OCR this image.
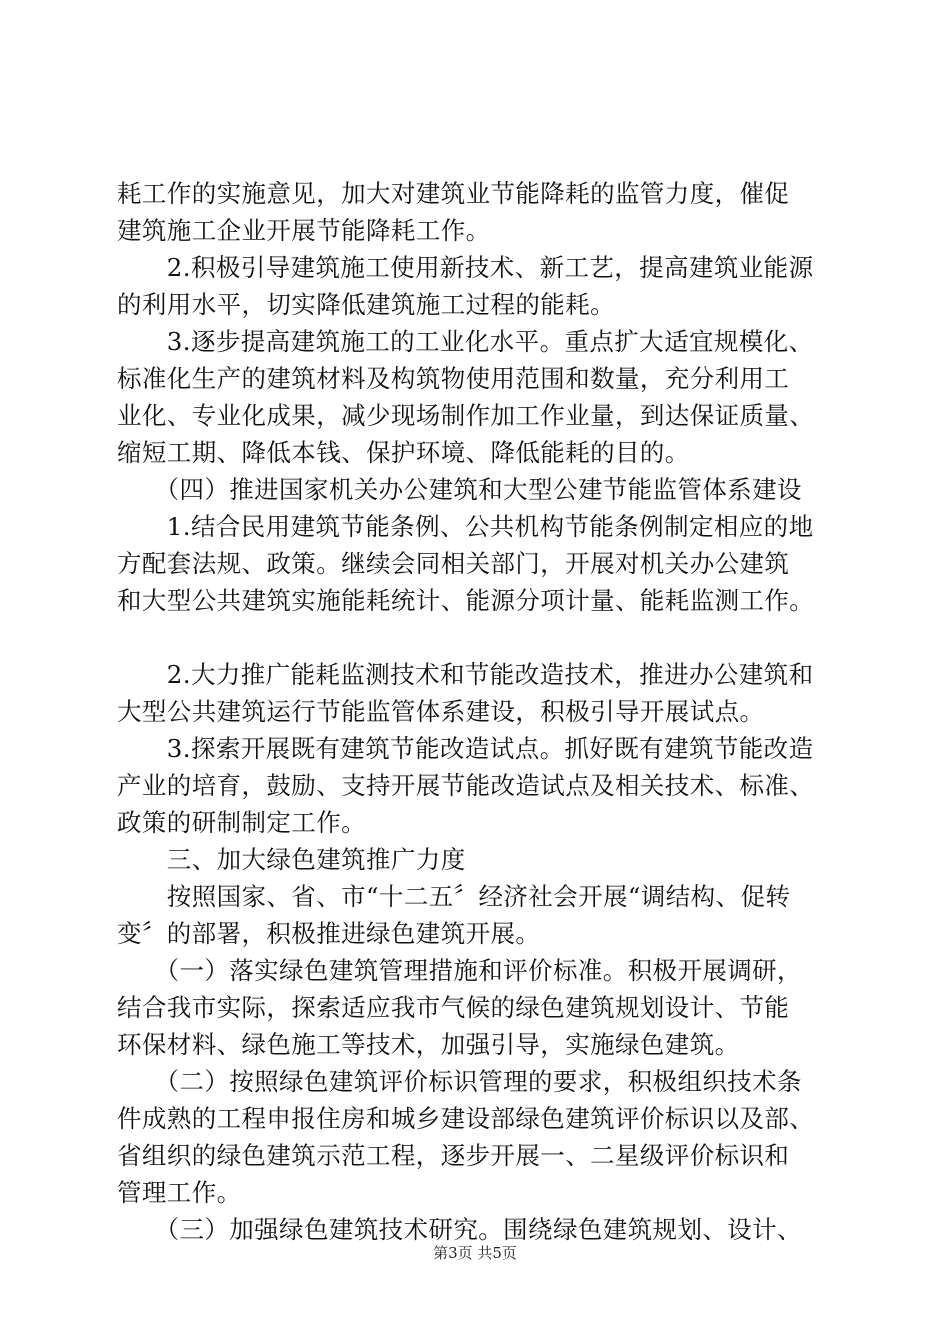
耗工作的实施意见，加大对建筑业节能降耗的监管力度，催促
建筑施工企业开展节能降耗工作。
　　2.积极引导建筑施工使用新技术、新工艺，提高建筑业能源
的利用水平，切实降低建筑施工过程的能耗。
　　3.逐步提高建筑施工的工业化水平。重点扩大适宜规模化、
标准化生产的建筑材料及构筑物使用范围和数量，充分利用工
业化、专业化成果，减少现场制作加工作业量，到达保证质量、
缩短工期、降低本钱、保护环境、降低能耗的目的。
　　（四）推进国家机关办公建筑和大型公建节能监管体系建设
　　1.结合民用建筑节能条例、公共机构节能条例制定相应的地
方配套法规、政策。继续会同相关部门，开展对机关办公建筑
和大型公共建筑实施能耗统计、能源分项计量、能耗监测工作。
　　2.大力推广能耗监测技术和节能改造技术，推进办公建筑和
大型公共建筑运行节能监管体系建设，积极引导开展试点。
　　3.探索开展既有建筑节能改造试点。抓好既有建筑节能改造
产业的培育，鼓励、支持开展节能改造试点及相关技术、标准、
政策的研制制定工作。
　　三、加大绿色建筑推广力度
　　按照国家、省、市“十二五〞经济社会开展“调结构、促转
变〞的部署，积极推进绿色建筑开展。
　　（一）落实绿色建筑管理措施和评价标准。积极开展调研，
结合我市实际，探索适应我市气候的绿色建筑规划设计、节能
环保材料、绿色施工等技术，加强引导，实施绿色建筑。
　　（二）按照绿色建筑评价标识管理的要求，积极组织技术条
件成熟的工程申报住房和城乡建设部绿色建筑评价标识以及部、
省组织的绿色建筑示范工程，逐步开展一、二星级评价标识和
管理工作。
　　（三）加强绿色建筑技术研究。围绕绿色建筑规划、设计、
第3页 共5页
